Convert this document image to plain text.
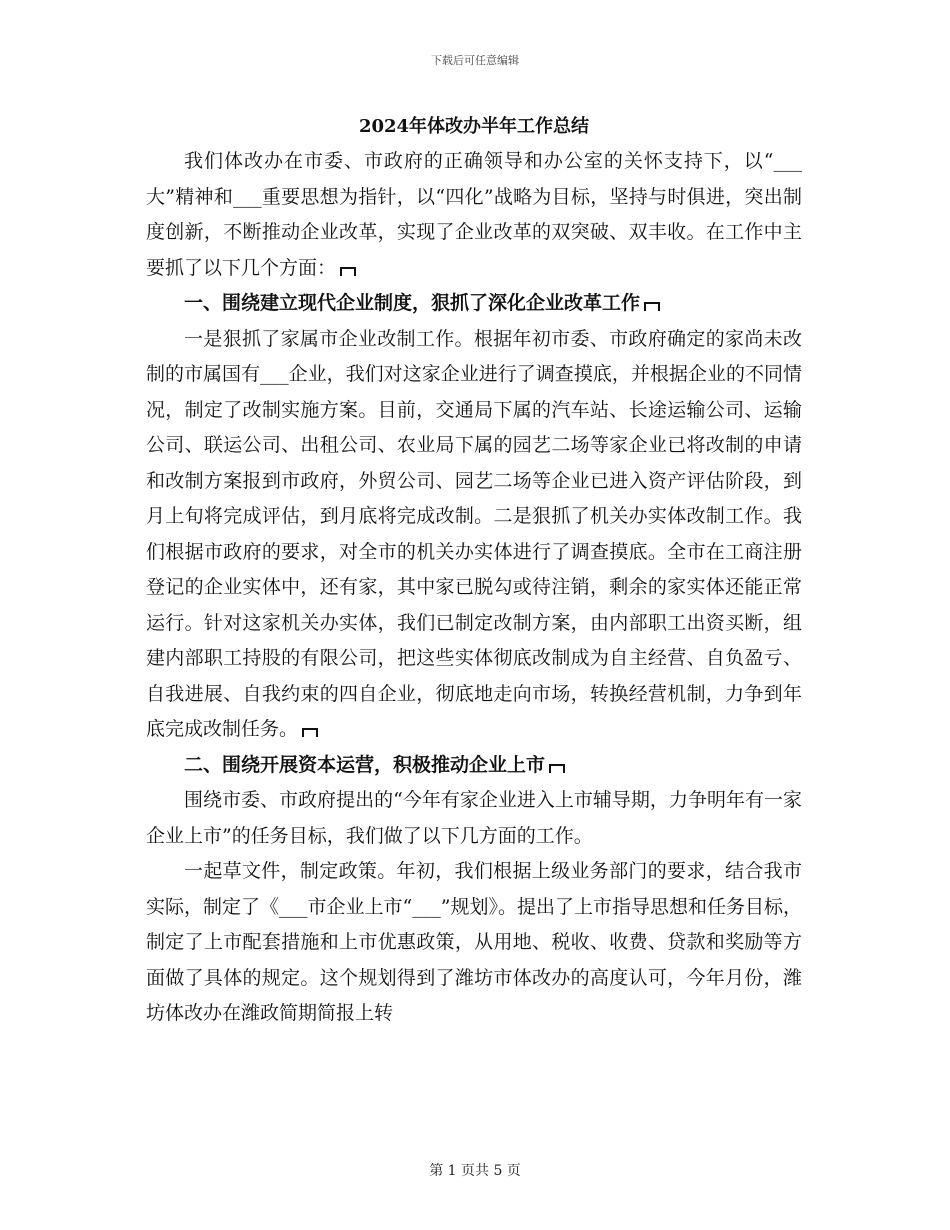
下载后可任意编辑
2024年体改办半年工作总结

我们体改办在市委、市政府的正确领导和办公室的关怀支持下，以“___大”精神和___重要思想为指针，以“四化”战略为目标，坚持与时俱进，突出制度创新，不断推动企业改革，实现了企业改革的双突破、双丰收。在工作中主要抓了以下几个方面：

一、围绕建立现代企业制度，狠抓了深化企业改革工作

一是狠抓了家属市企业改制工作。根据年初市委、市政府确定的家尚未改制的市属国有___企业，我们对这家企业进行了调查摸底，并根据企业的不同情况，制定了改制实施方案。目前，交通局下属的汽车站、长途运输公司、运输公司、联运公司、出租公司、农业局下属的园艺二场等家企业已将改制的申请和改制方案报到市政府，外贸公司、园艺二场等企业已进入资产评估阶段，到月上旬将完成评估，到月底将完成改制。二是狠抓了机关办实体改制工作。我们根据市政府的要求，对全市的机关办实体进行了调查摸底。全市在工商注册登记的企业实体中，还有家，其中家已脱勾或待注销，剩余的家实体还能正常运行。针对这家机关办实体，我们已制定改制方案，由内部职工出资买断，组建内部职工持股的有限公司，把这些实体彻底改制成为自主经营、自负盈亏、自我进展、自我约束的四自企业，彻底地走向市场，转换经营机制，力争到年底完成改制任务。

二、围绕开展资本运营，积极推动企业上市

围绕市委、市政府提出的“今年有家企业进入上市辅导期，力争明年有一家企业上市”的任务目标，我们做了以下几方面的工作。

一起草文件，制定政策。年初，我们根据上级业务部门的要求，结合我市实际，制定了《___市企业上市“___”规划》。提出了上市指导思想和任务目标，制定了上市配套措施和上市优惠政策，从用地、税收、收费、贷款和奖励等方面做了具体的规定。这个规划得到了潍坊市体改办的高度认可，今年月份，潍坊体改办在潍政简期简报上转

第 1 页共 5 页
